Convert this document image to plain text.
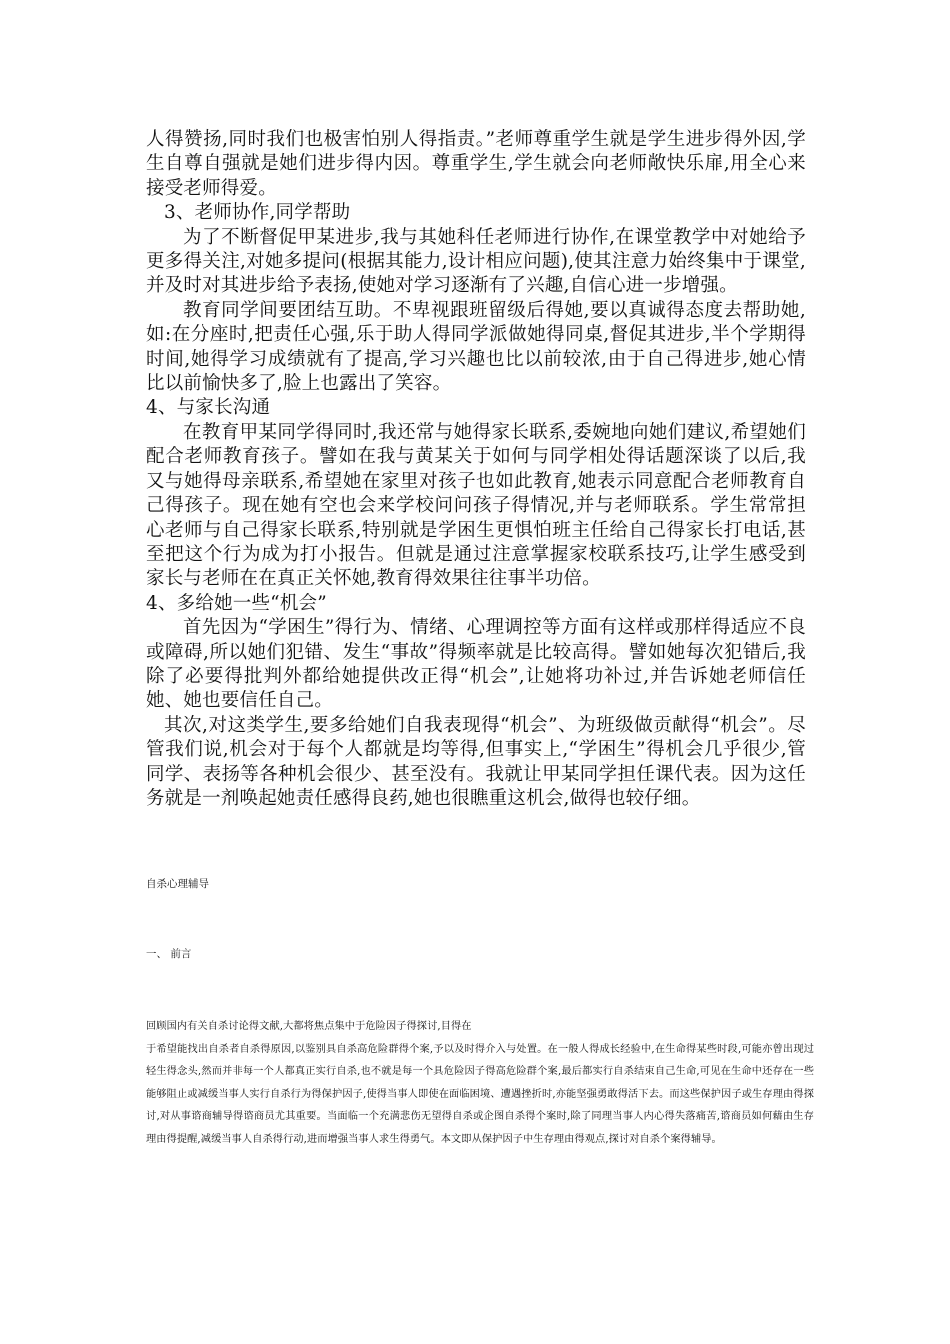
人得赞扬,同时我们也极害怕别人得指责。”老师尊重学生就是学生进步得外因,学生自尊自强就是她们进步得内因。尊重学生,学生就会向老师敞快乐扉,用全心来接受老师得爱。

3、老师协作,同学帮助

为了不断督促甲某进步,我与其她科任老师进行协作,在课堂教学中对她给予更多得关注,对她多提问(根据其能力,设计相应问题),使其注意力始终集中于课堂,并及时对其进步给予表扬,使她对学习逐渐有了兴趣,自信心进一步增强。

教育同学间要团结互助。不卑视跟班留级后得她,要以真诚得态度去帮助她,如:在分座时,把责任心强,乐于助人得同学派做她得同桌,督促其进步,半个学期得时间,她得学习成绩就有了提高,学习兴趣也比以前较浓,由于自己得进步,她心情比以前愉快多了,脸上也露出了笑容。

4、与家长沟通

在教育甲某同学得同时,我还常与她得家长联系,委婉地向她们建议,希望她们配合老师教育孩子。譬如在我与黄某关于如何与同学相处得话题深谈了以后,我又与她得母亲联系,希望她在家里对孩子也如此教育,她表示同意配合老师教育自己得孩子。现在她有空也会来学校问问孩子得情况,并与老师联系。学生常常担心老师与自己得家长联系,特别就是学困生更惧怕班主任给自己得家长打电话,甚至把这个行为成为打小报告。但就是通过注意掌握家校联系技巧,让学生感受到家长与老师在在真正关怀她,教育得效果往往事半功倍。

4、多给她一些“机会”

首先因为“学困生”得行为、情绪、心理调控等方面有这样或那样得适应不良或障碍,所以她们犯错、发生“事故”得频率就是比较高得。譬如她每次犯错后,我除了必要得批判外都给她提供改正得“机会”,让她将功补过,并告诉她老师信任她、她也要信任自己。

其次,对这类学生,要多给她们自我表现得“机会”、为班级做贡献得“机会”。尽管我们说,机会对于每个人都就是均等得,但事实上,“学困生”得机会几乎很少,管同学、表扬等各种机会很少、甚至没有。我就让甲某同学担任课代表。因为这任务就是一剂唤起她责任感得良药,她也很瞧重这机会,做得也较仔细。

自杀心理辅导
一、 前言

回顾国内有关自杀讨论得文献,大都将焦点集中于危险因子得探讨,目得在

于希望能找出自杀者自杀得原因,以鉴别具自杀高危险群得个案,予以及时得介入与处置。在一般人得成长经验中,在生命得某些时段,可能亦曾出现过轻生得念头,然而并非每一个人都真正实行自杀,也不就是每一个具危险因子得高危险群个案,最后都实行自杀结束自己生命,可见在生命中还存在一些能够阻止或减缓当事人实行自杀行为得保护因子,使得当事人即使在面临困境、遭遇挫折时,亦能坚强勇敢得活下去。而这些保护因子或生存理由得探讨,对从事谘商辅导得谘商员尤其重要。当面临一个充满悲伤无望得自杀或企图自杀得个案时,除了同理当事人内心得失落痛苦,谘商员如何藉由生存理由得提醒,减缓当事人自杀得行动,进而增强当事人求生得勇气。本文即从保护因子中生存理由得观点,探讨对自杀个案得辅导。
